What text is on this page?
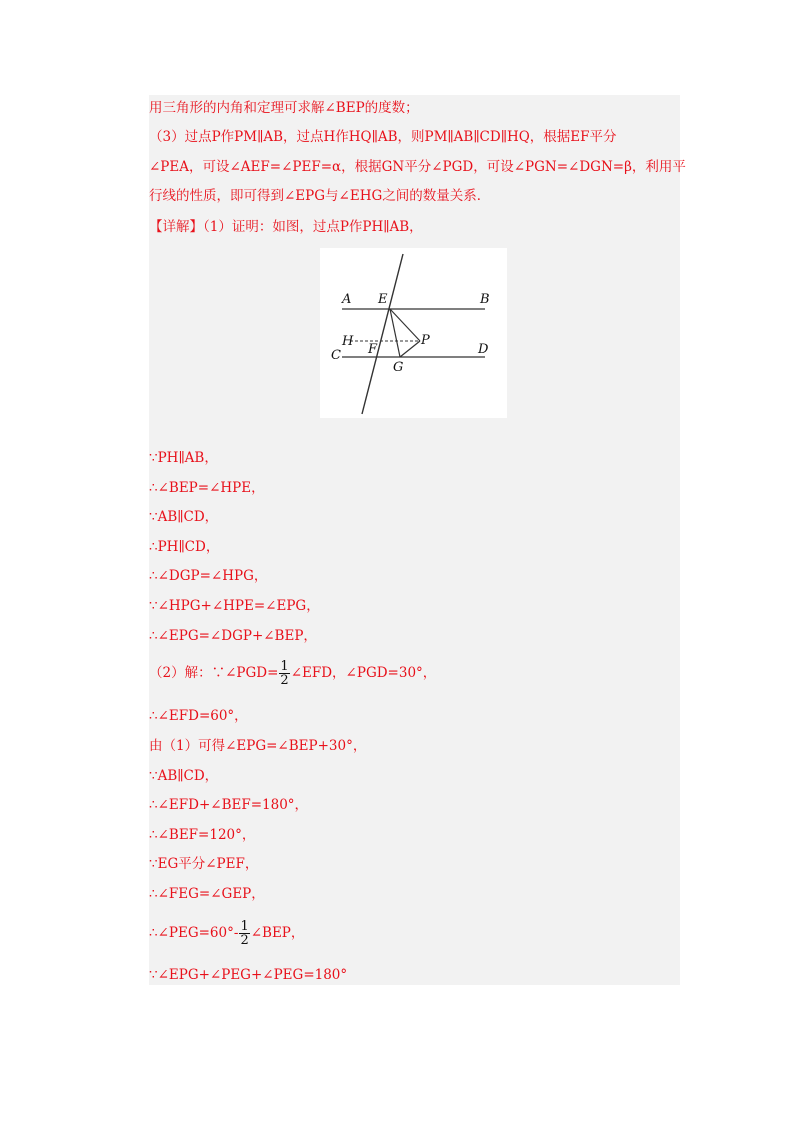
用三角形的内角和定理可求解∠BEP的度数；
（3）过点P作PM∥AB，过点H作HQ∥AB，则PM∥AB∥CD∥HQ，根据EF平分
∠PEA，可设∠AEF=∠PEF=α，根据GN平分∠PGD，可设∠PGN=∠DGN=β，利用平
行线的性质，即可得到∠EPG与∠EHG之间的数量关系．
【详解】（1）证明：如图，过点P作PH∥AB，
A E	B
H	P
C F	D
G
∵PH∥AB，
∴∠BEP=∠HPE，
∵AB∥CD，
∴PH∥CD，
∴∠DGP=∠HPG，
∵∠HPG+∠HPE=∠EPG，
∴∠EPG=∠DGP+∠BEP，
（2）解：∵∠PGD= $\frac{1}{2}$ ∠EFD，∠PGD=30°，
∴∠EFD=60°，
由（1）可得∠EPG=∠BEP+30°，
∵AB∥CD，
∴∠EFD+∠BEF=180°，
∴∠BEF=120°，
∵EG平分∠PEF，
∴∠FEG=∠GEP，
∴∠PEG=60°- $\frac{1}{2}$ ∠BEP，
∵∠EPG+∠PEG+∠PEG=180°
